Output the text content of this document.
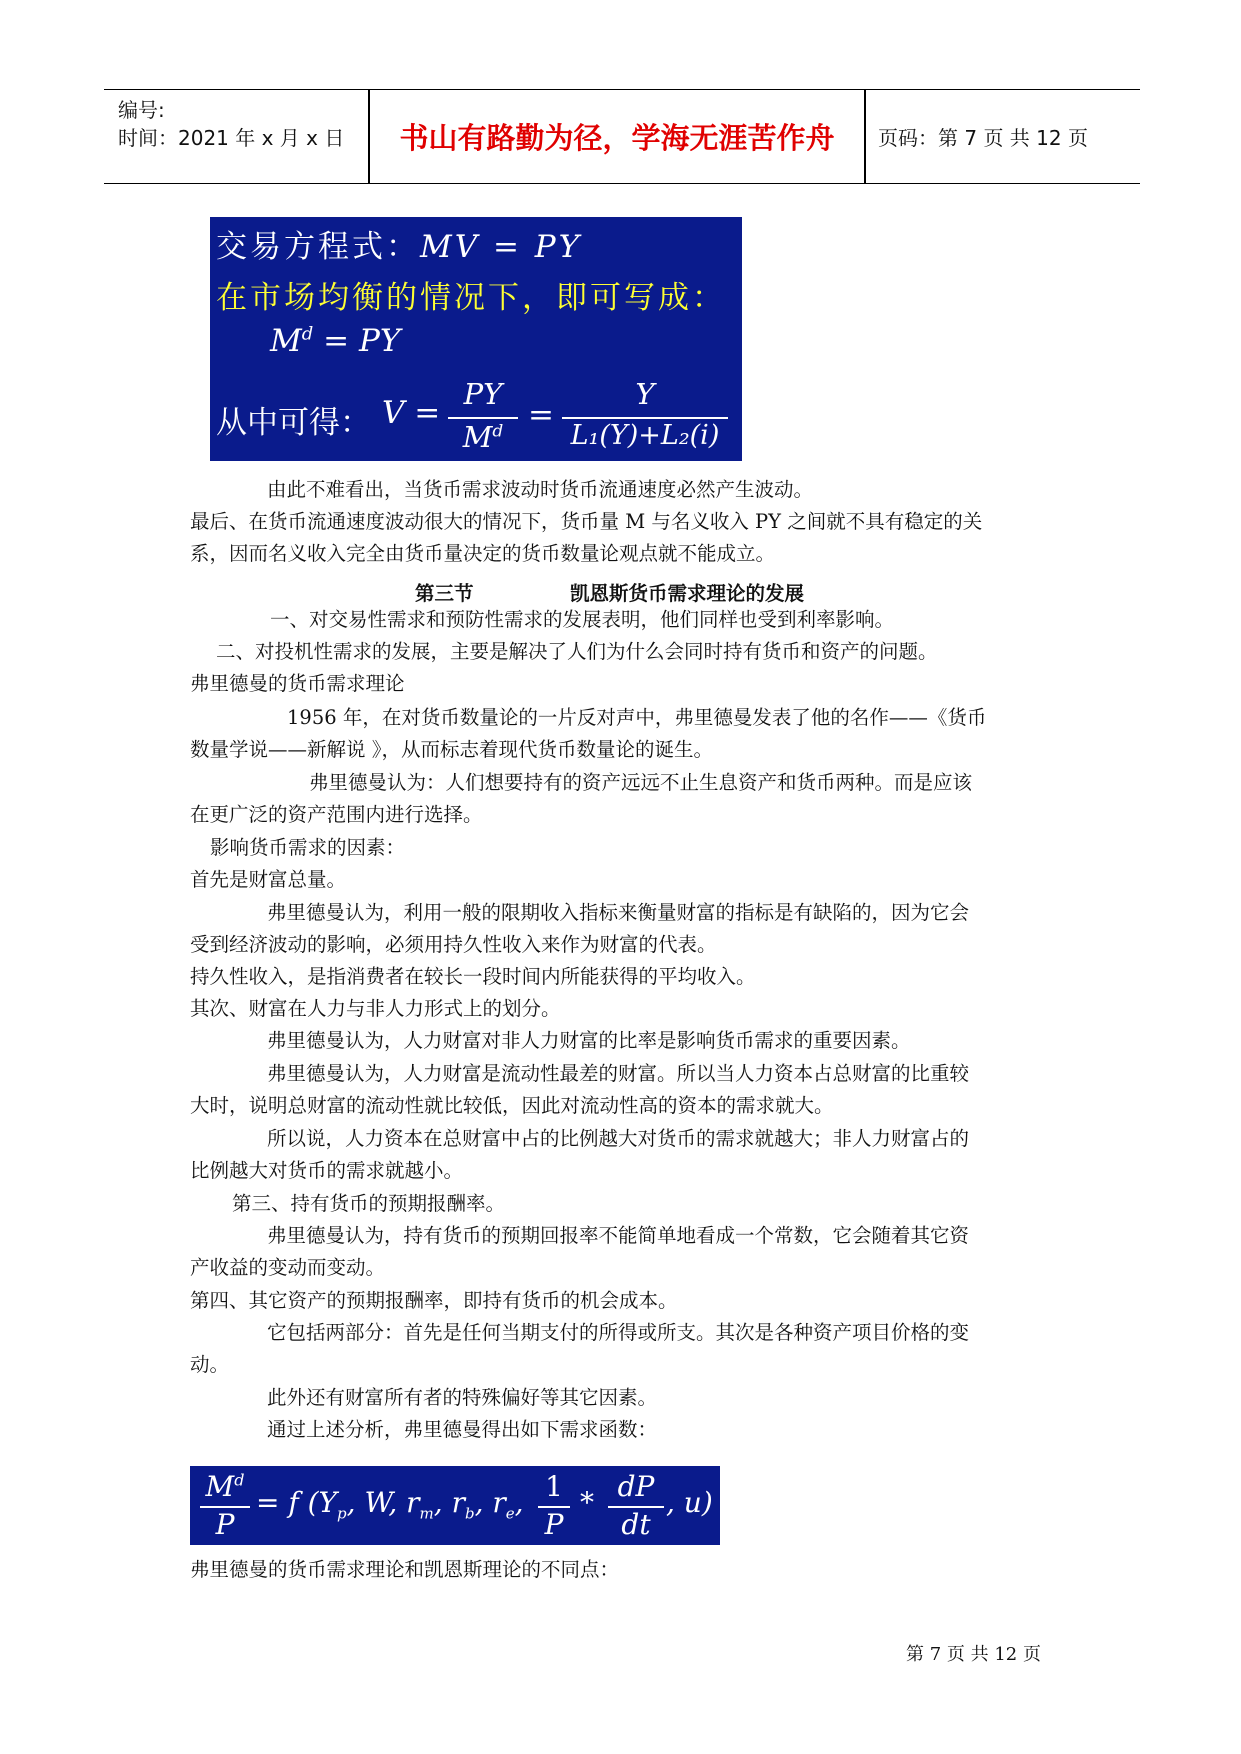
编号:
时间：2021 年 x 月 x 日	书山有路勤为径，学海无涯苦作舟	页码：第 7 页 共 12 页
交易方程式：MV = PY
在市场均衡的情况下，即可写成：
$M^d$ = PY
从中可得： V =
PY
$M^d$ =
Y
L₁(Y)+L₂(i)
由此不难看出，当货币需求波动时货币流通速度必然产生波动。
最后、在货币流通速度波动很大的情况下，货币量 M 与名义收入 PY 之间就不具有稳定的关
系，因而名义收入完全由货币量决定的货币数量论观点就不能成立。
第三节	凯恩斯货币需求理论的发展
一、对交易性需求和预防性需求的发展表明，他们同样也受到利率影响。
二、对投机性需求的发展，主要是解决了人们为什么会同时持有货币和资产的问题。
弗里德曼的货币需求理论
1956 年，在对货币数量论的一片反对声中，弗里德曼发表了他的名作——《货币
数量学说——新解说 》，从而标志着现代货币数量论的诞生。
弗里德曼认为：人们想要持有的资产远远不止生息资产和货币两种。而是应该
在更广泛的资产范围内进行选择。
影响货币需求的因素：
首先是财富总量。
弗里德曼认为，利用一般的限期收入指标来衡量财富的指标是有缺陷的，因为它会
受到经济波动的影响，必须用持久性收入来作为财富的代表。
持久性收入，是指消费者在较长一段时间内所能获得的平均收入。
其次、财富在人力与非人力形式上的划分。
弗里德曼认为，人力财富对非人力财富的比率是影响货币需求的重要因素。
弗里德曼认为，人力财富是流动性最差的财富。所以当人力资本占总财富的比重较
大时，说明总财富的流动性就比较低，因此对流动性高的资本的需求就大。
所以说，人力资本在总财富中占的比例越大对货币的需求就越大；非人力财富占的
比例越大对货币的需求就越小。
第三、持有货币的预期报酬率。
弗里德曼认为，持有货币的预期回报率不能简单地看成一个常数，它会随着其它资
产收益的变动而变动。
第四、其它资产的预期报酬率，即持有货币的机会成本。
它包括两部分：首先是任何当期支付的所得或所支。其次是各种资产项目价格的变
动。
此外还有财富所有者的特殊偏好等其它因素。
通过上述分析，弗里德曼得出如下需求函数：
$M^d$
P
= f ($Y_p$, W, $r_m$, $r_b$, $r_e$, 1
P
* dP
dt
, u)
弗里德曼的货币需求理论和凯恩斯理论的不同点：
第 7 页 共 12 页
